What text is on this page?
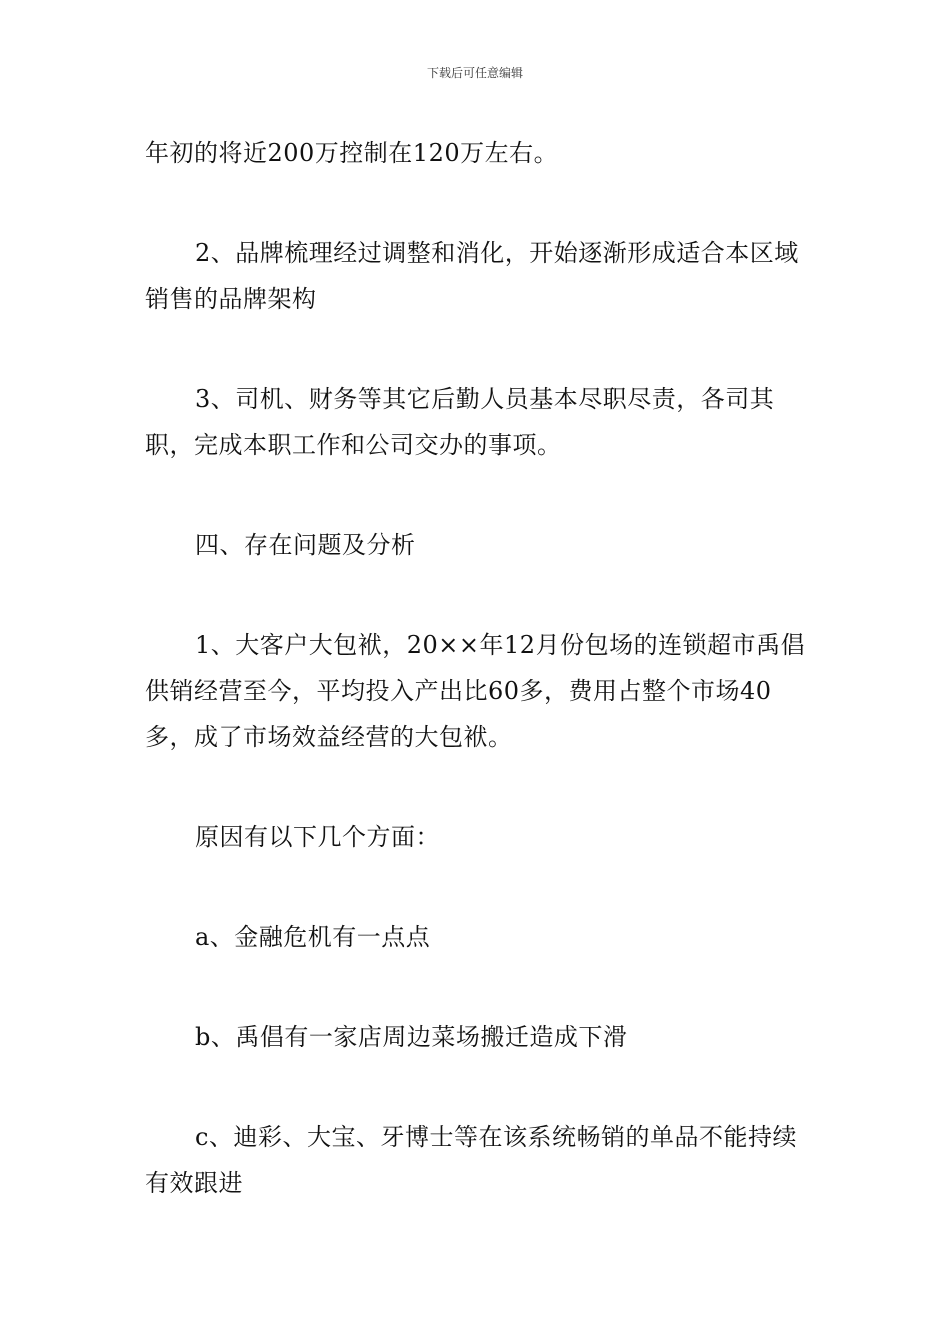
下载后可任意编辑

年初的将近200万控制在120万左右。

2、品牌梳理经过调整和消化，开始逐渐形成适合本区域销售的品牌架构

3、司机、财务等其它后勤人员基本尽职尽责，各司其职，完成本职工作和公司交办的事项。

四、存在问题及分析

1、大客户大包袱，20××年12月份包场的连锁超市禹倡供销经营至今，平均投入产出比60多，费用占整个市场40多，成了市场效益经营的大包袱。

原因有以下几个方面：

a、金融危机有一点点

b、禹倡有一家店周边菜场搬迁造成下滑

c、迪彩、大宝、牙博士等在该系统畅销的单品不能持续有效跟进
